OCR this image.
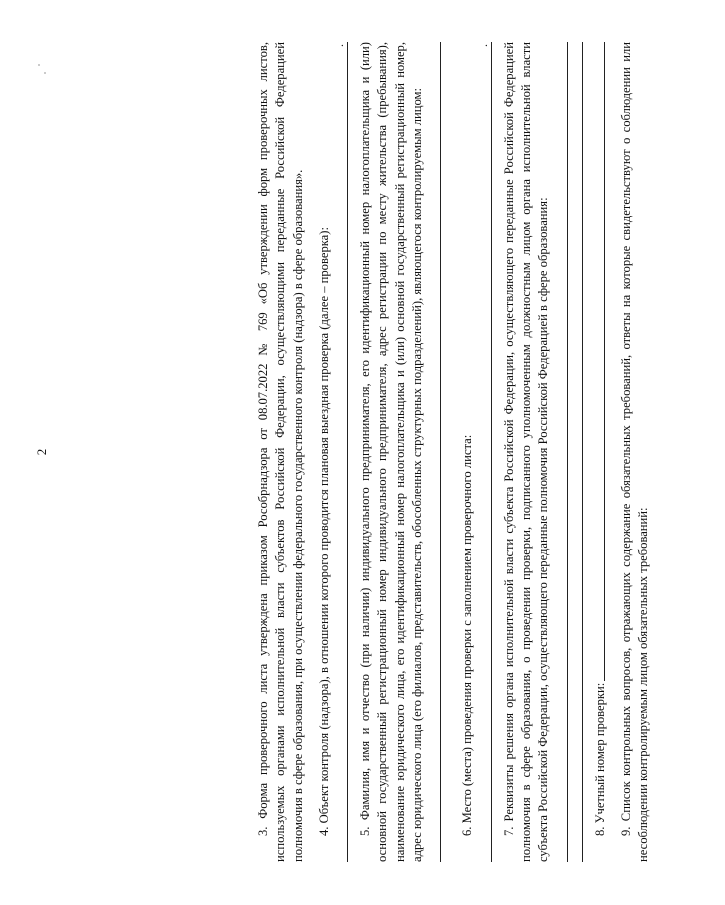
2	3. Форма проверочного листа утверждена приказом Рособрнадзора от 08.07.2022 № 769 «Об утверждении форм проверочных листов, используемых органами исполнительной власти субъектов Российской Федерации, осуществляющими переданные Российской Федерацией полномочия в сфере образования, при осуществлении федерального государственного контроля (надзора) в сфере образования». 4. Объект контроля (надзора), в отношении которого проводится плановая выездная проверка (далее – проверка):

. 5. Фамилия, имя и отчество (при наличии) индивидуального предпринимателя, его идентификационный номер налогоплательщика и (или) основной государственный регистрационный номер индивидуального предпринимателя, адрес регистрации по месту жительства (пребывания), наименование юридического лица, его идентификационный номер налогоплательщика и (или) основной государственный регистрационный номер, адрес юридического лица (его филиалов, представительств, обособленных структурных подразделений), являющегося контролируемым лицом:	6. Место (места) проведения проверки с заполнением проверочного листа:

. 7. Реквизиты решения органа исполнительной власти субъекта Российской Федерации, осуществляющего переданные Российской Федерацией полномочия в сфере образования, о проведении проверки, подписанного уполномоченным должностным лицом органа исполнительной власти субъекта Российской Федерации, осуществляющего переданные полномочия Российской Федерацией в сфере образования:	8. Учетный номер проверки: 9. Список контрольных вопросов, отражающих содержание обязательных требований, ответы на которые свидетельствуют о соблюдении или несоблюдении контролируемым лицом обязательных требований:
